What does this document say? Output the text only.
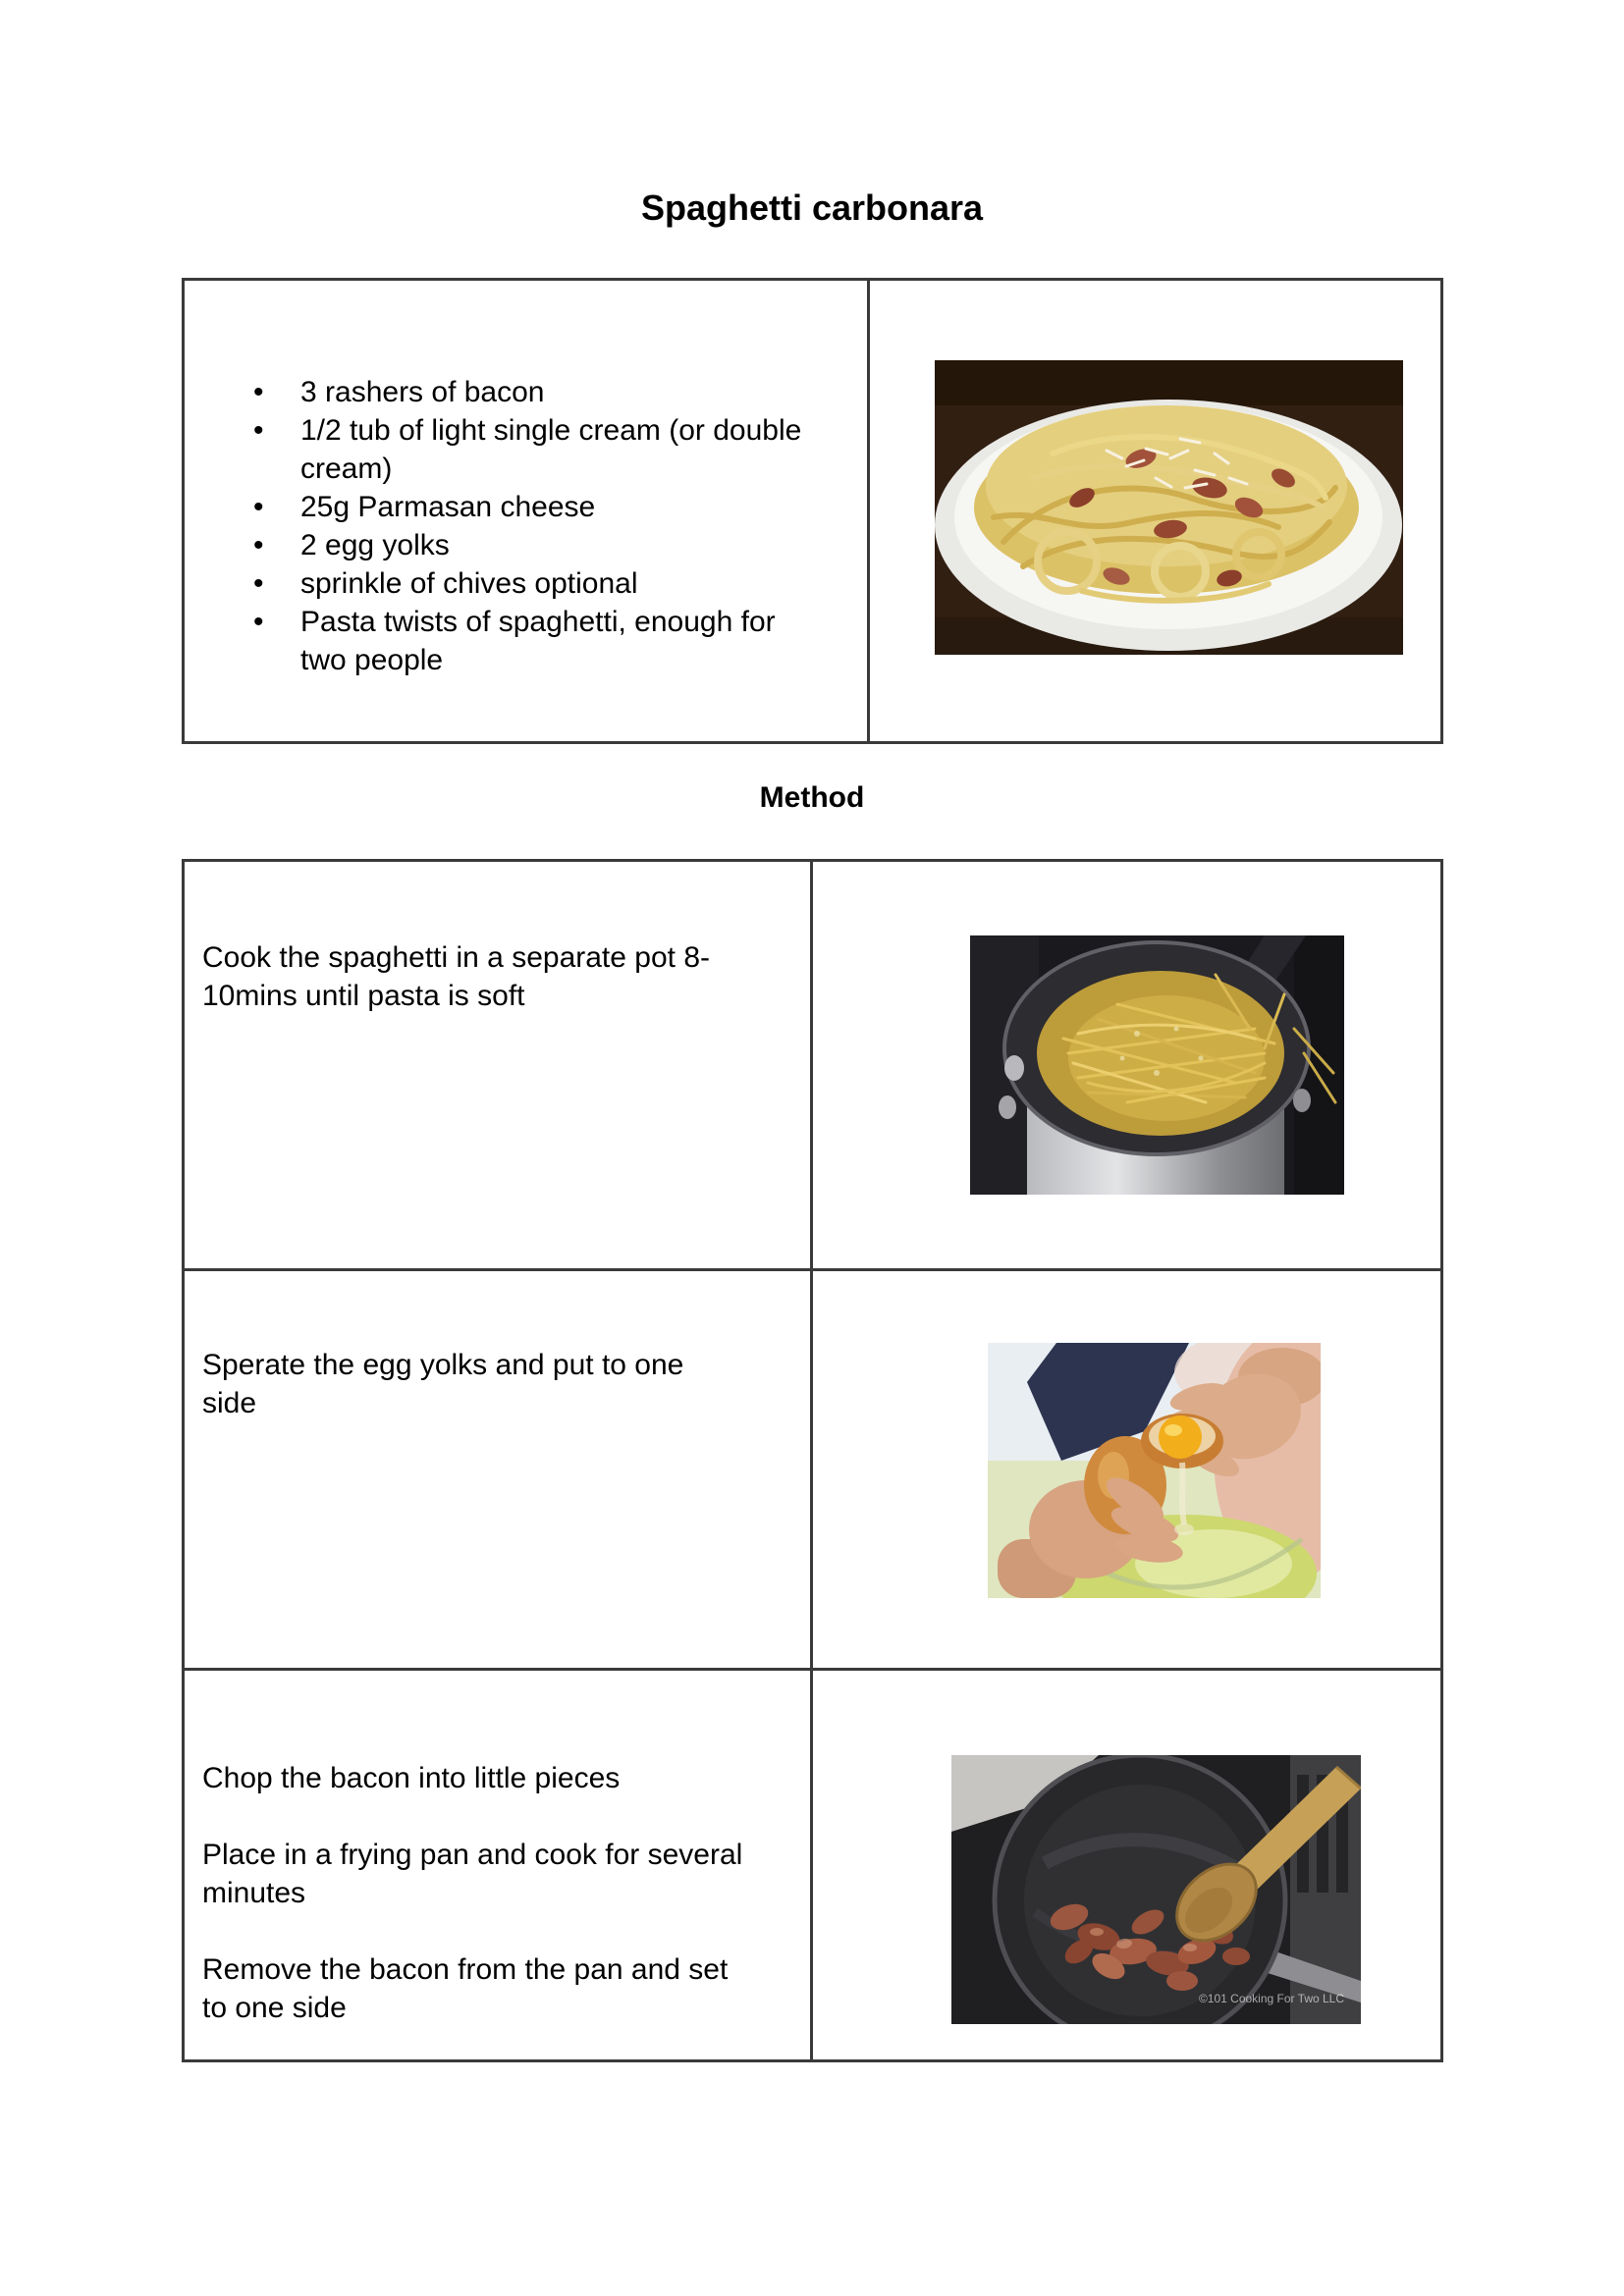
Spaghetti carbonara
• 3 rashers of bacon
• 1/2 tub of light single cream (or double
cream)
• 25g Parmasan cheese
• 2 egg yolks
• sprinkle of chives optional
• Pasta twists of spaghetti, enough for
two people
Method
Cook the spaghetti in a separate pot 8-
10mins until pasta is soft
Sperate the egg yolks and put to one
side
Chop the bacon into little pieces
Place in a frying pan and cook for several
minutes
Remove the bacon from the pan and set
to one side	©101 Cooking For Two LLC
